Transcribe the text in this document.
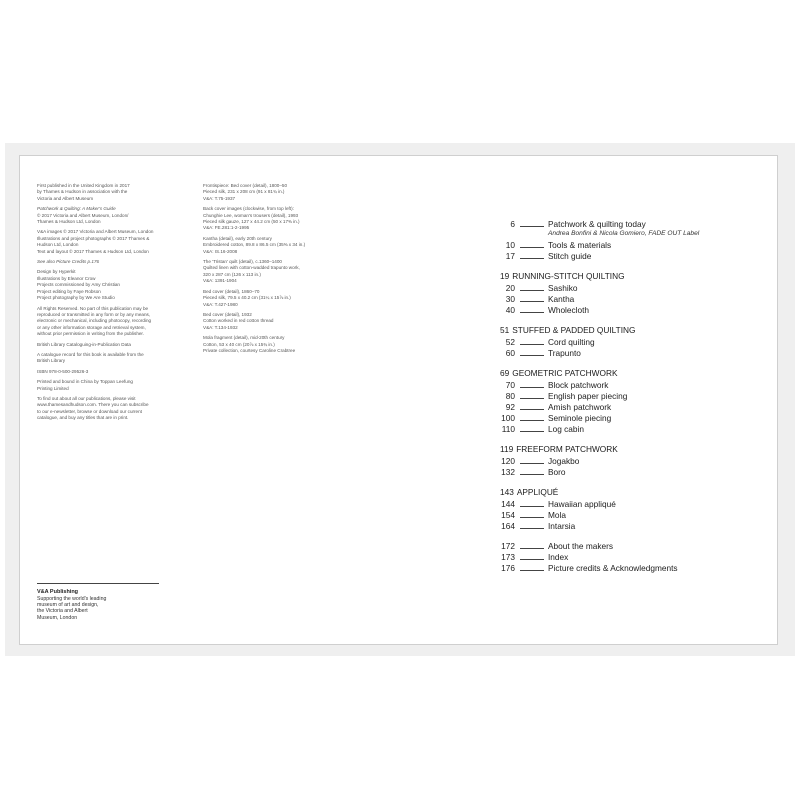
First published in the United Kingdom in 2017
by Thames & Hudson in association with the
Victoria and Albert Museum

Patchwork & Quilting: A Maker's Guide
© 2017 Victoria and Albert Museum, London/
Thames & Hudson Ltd, London

V&A images © 2017 Victoria and Albert Museum, London
Illustrations and project photographs © 2017 Thames &
Hudson Ltd, London
Text and layout © 2017 Thames & Hudson Ltd, London

See also Picture Credits p.176

Design by Hyperkit
Illustrations by Eleanor Crow
Projects commissioned by Amy Christian
Project editing by Faye Robson
Project photography by We Are Studio

All Rights Reserved. No part of this publication may be
reproduced or transmitted in any form or by any means,
electronic or mechanical, including photocopy, recording
or any other information storage and retrieval system,
without prior permission in writing from the publisher.

British Library Cataloguing-in-Publication Data

A catalogue record for this book is available from the
British Library

ISBN 978-0-500-29526-3

Printed and bound in China by Toppan Leefung
Printing Limited

To find out about all our publications, please visit
www.thamesandhudson.com. There you can subscribe
to our e-newsletter, browse or download our current
catalogue, and buy any titles that are in print.

Frontispiece: Bed cover (detail), 1800–50
Pieced silk, 231 x 208 cm (91 x 81¾ in.)
V&A: T.75-1937

Back cover images (clockwise, from top left):
Chunghie Lee, woman's trousers (detail), 1993
Pieced silk gauze, 127 x 44.2 cm (50 x 17⅜ in.)
V&A: FE.281:1-2-1995

Kantha (detail), early 20th century
Embroidered cotton, 89.8 x 86.5 cm (35⅜ x 34 in.)
V&A: IS.16-2008

The 'Tristan' quilt (detail), c.1360–1400
Quilted linen with cotton-wadded trapunto work,
320 x 287 cm (126 x 113 in.)
V&A: 1391-1904

Bed cover (detail), 1860–70
Pieced silk, 79.5 x 40.2 cm (31¼ x 15⅞ in.)
V&A: T.427-1980

Bed cover (detail), 1932
Cotton worked in red cotton thread
V&A: T.134-1932

Mola fragment (detail), mid-20th century
Cotton, 53 x 40 cm (20⅞ x 15¾ in.)
Private collection, courtesy Caroline Crabtree

V&A Publishing
Supporting the world's leading
museum of art and design,
the Victoria and Albert
Museum, London
6	Patchwork & quilting today
Andrea Bonfini & Nicola Gomiero, FADE OUT Label
10	Tools & materials
17	Stitch guide
19 RUNNING-STITCH QUILTING
20	Sashiko
30	Kantha
40	Wholecloth
51 STUFFED & PADDED QUILTING
52	Cord quilting
60	Trapunto
69 GEOMETRIC PATCHWORK
70	Block patchwork
80	English paper piecing
92	Amish patchwork
100	Seminole piecing
110	Log cabin
119 FREEFORM PATCHWORK
120	Jogakbo
132	Boro
143 APPLIQUÉ
144	Hawaiian appliqué
154	Mola
164	Intarsia
172	About the makers
173	Index
176	Picture credits & Acknowledgments
